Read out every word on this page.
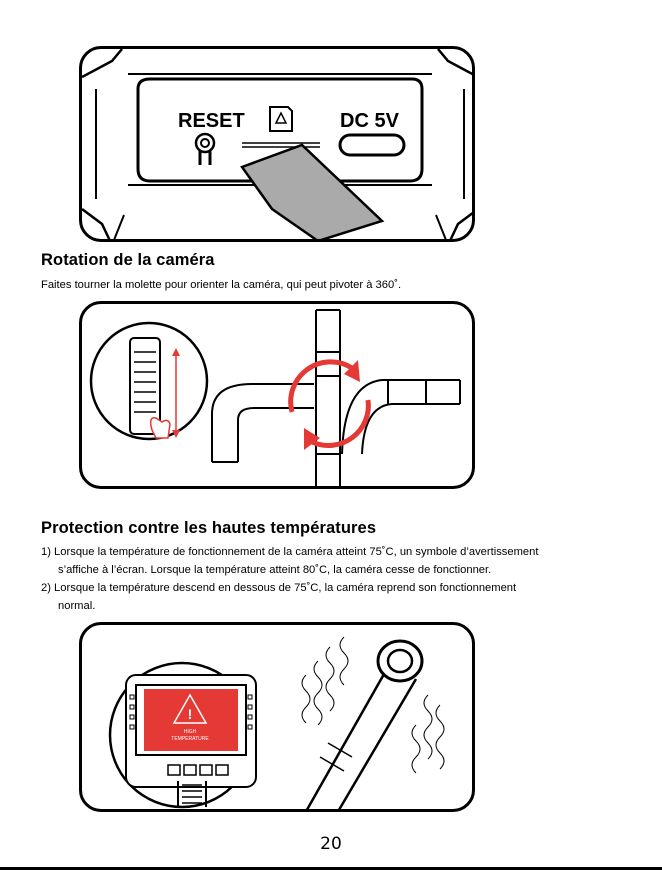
RESET	DC 5V
Rotation de la caméra

Faites tourner la molette pour orienter la caméra, qui peut pivoter à 360˚.

Protection contre les hautes températures

1) Lorsque la température de fonctionnement de la caméra atteint 75˚C, un symbole d’avertissement

s’affiche à l’écran. Lorsque la température atteint 80˚C, la caméra cesse de fonctionner.

2) Lorsque la température descend en dessous de 75˚C, la caméra reprend son fonctionnement

normal.

!
HIGH
TEMPERATURE
20
